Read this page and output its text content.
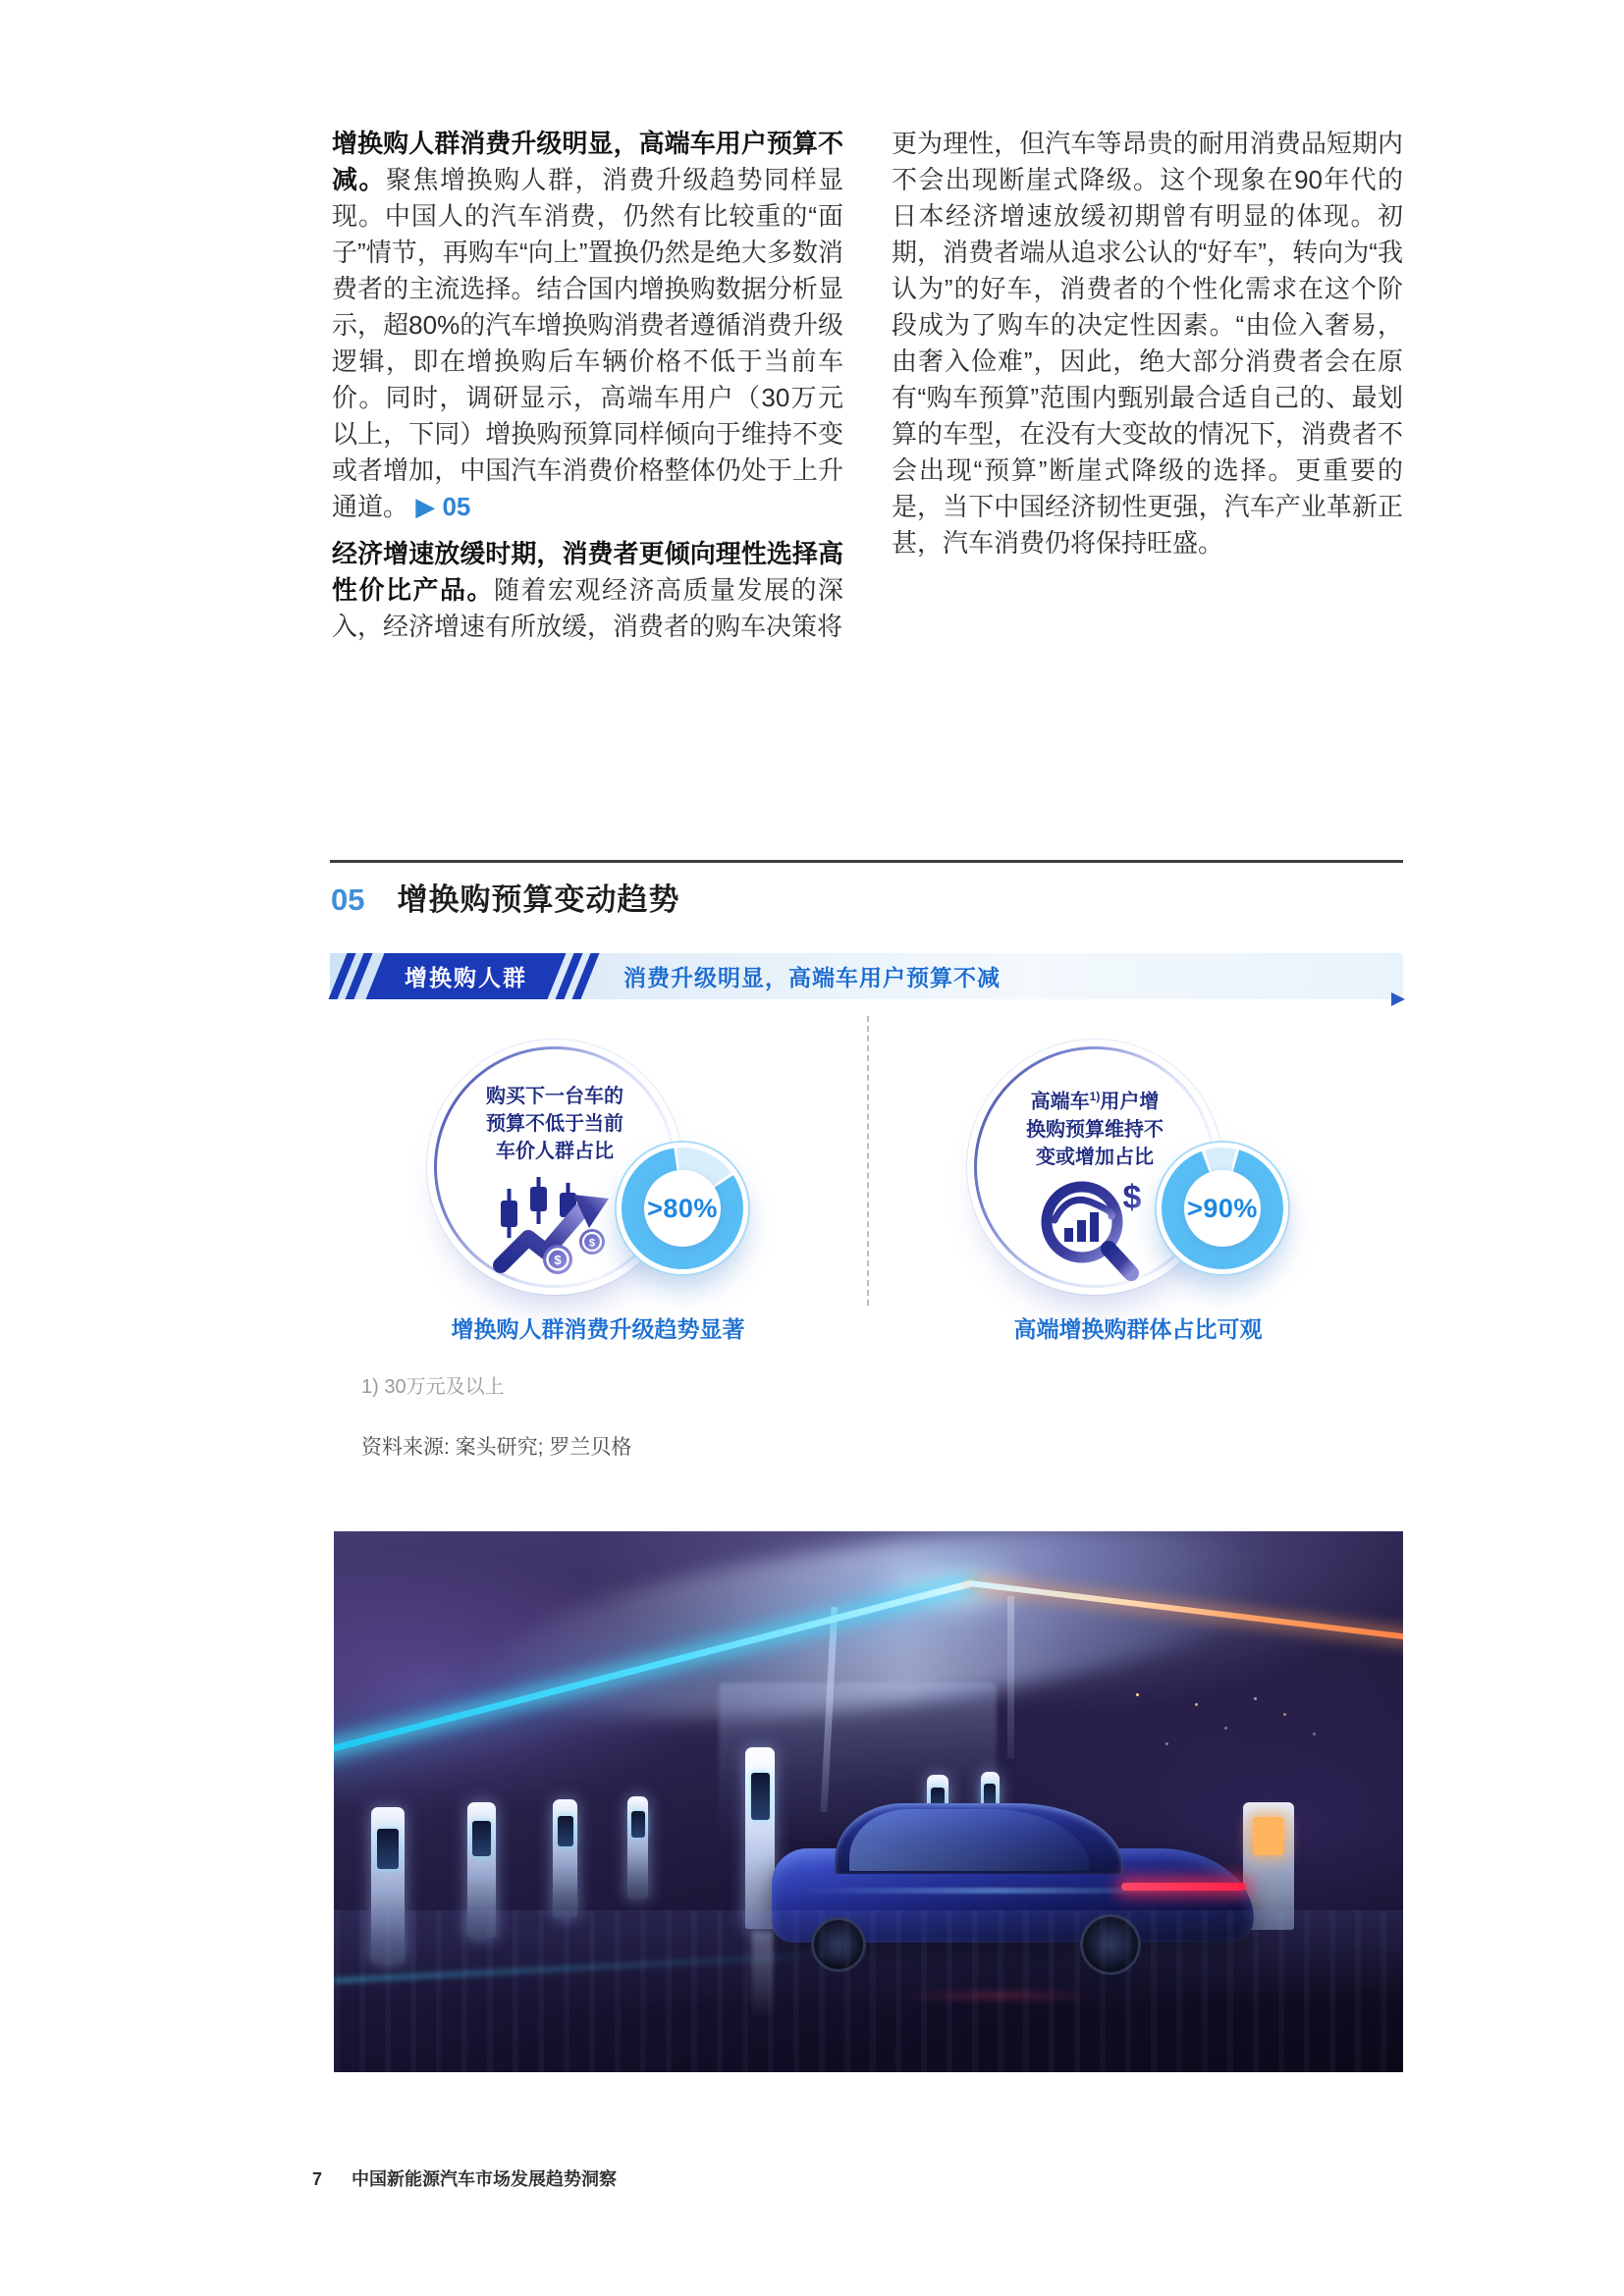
增换购人群消费升级明显，高端车用户预算不减。聚焦增换购人群，消费升级趋势同样显现。中国人的汽车消费，仍然有比较重的“面子”情节，再购车“向上”置换仍然是绝大多数消费者的主流选择。结合国内增换购数据分析显示，超80%的汽车增换购消费者遵循消费升级逻辑，即在增换购后车辆价格不低于当前车价。同时，调研显示，高端车用户（30万元以上，下同）增换购预算同样倾向于维持不变或者增加，中国汽车消费价格整体仍处于上升通道。 ▶ 05

经济增速放缓时期，消费者更倾向理性选择高性价比产品。随着宏观经济高质量发展的深入，经济增速有所放缓，消费者的购车决策将

更为理性，但汽车等昂贵的耐用消费品短期内不会出现断崖式降级。这个现象在90年代的日本经济增速放缓初期曾有明显的体现。初期，消费者端从追求公认的“好车”，转向为“我认为”的好车，消费者的个性化需求在这个阶段成为了购车的决定性因素。“由俭入奢易，由奢入俭难”，因此，绝大部分消费者会在原有“购车预算”范围内甄别最合适自己的、最划算的车型，在没有大变故的情况下，消费者不会出现“预算”断崖式降级的选择。更重要的是，当下中国经济韧性更强，汽车产业革新正甚，汽车消费仍将保持旺盛。

05 增换购预算变动趋势
增换购人群	消费升级明显，高端车用户预算不减
购买下一台车的
预算不低于当前
车价人群占比
$
$
>80%
增换购人群消费升级趋势显著
高端车$^{1)}$用户增
换购预算维持不
变或增加占比
$ >90%
高端增换购群体占比可观
1) 30万元及以上
资料来源: 案头研究; 罗兰贝格
7 中国新能源汽车市场发展趋势洞察
